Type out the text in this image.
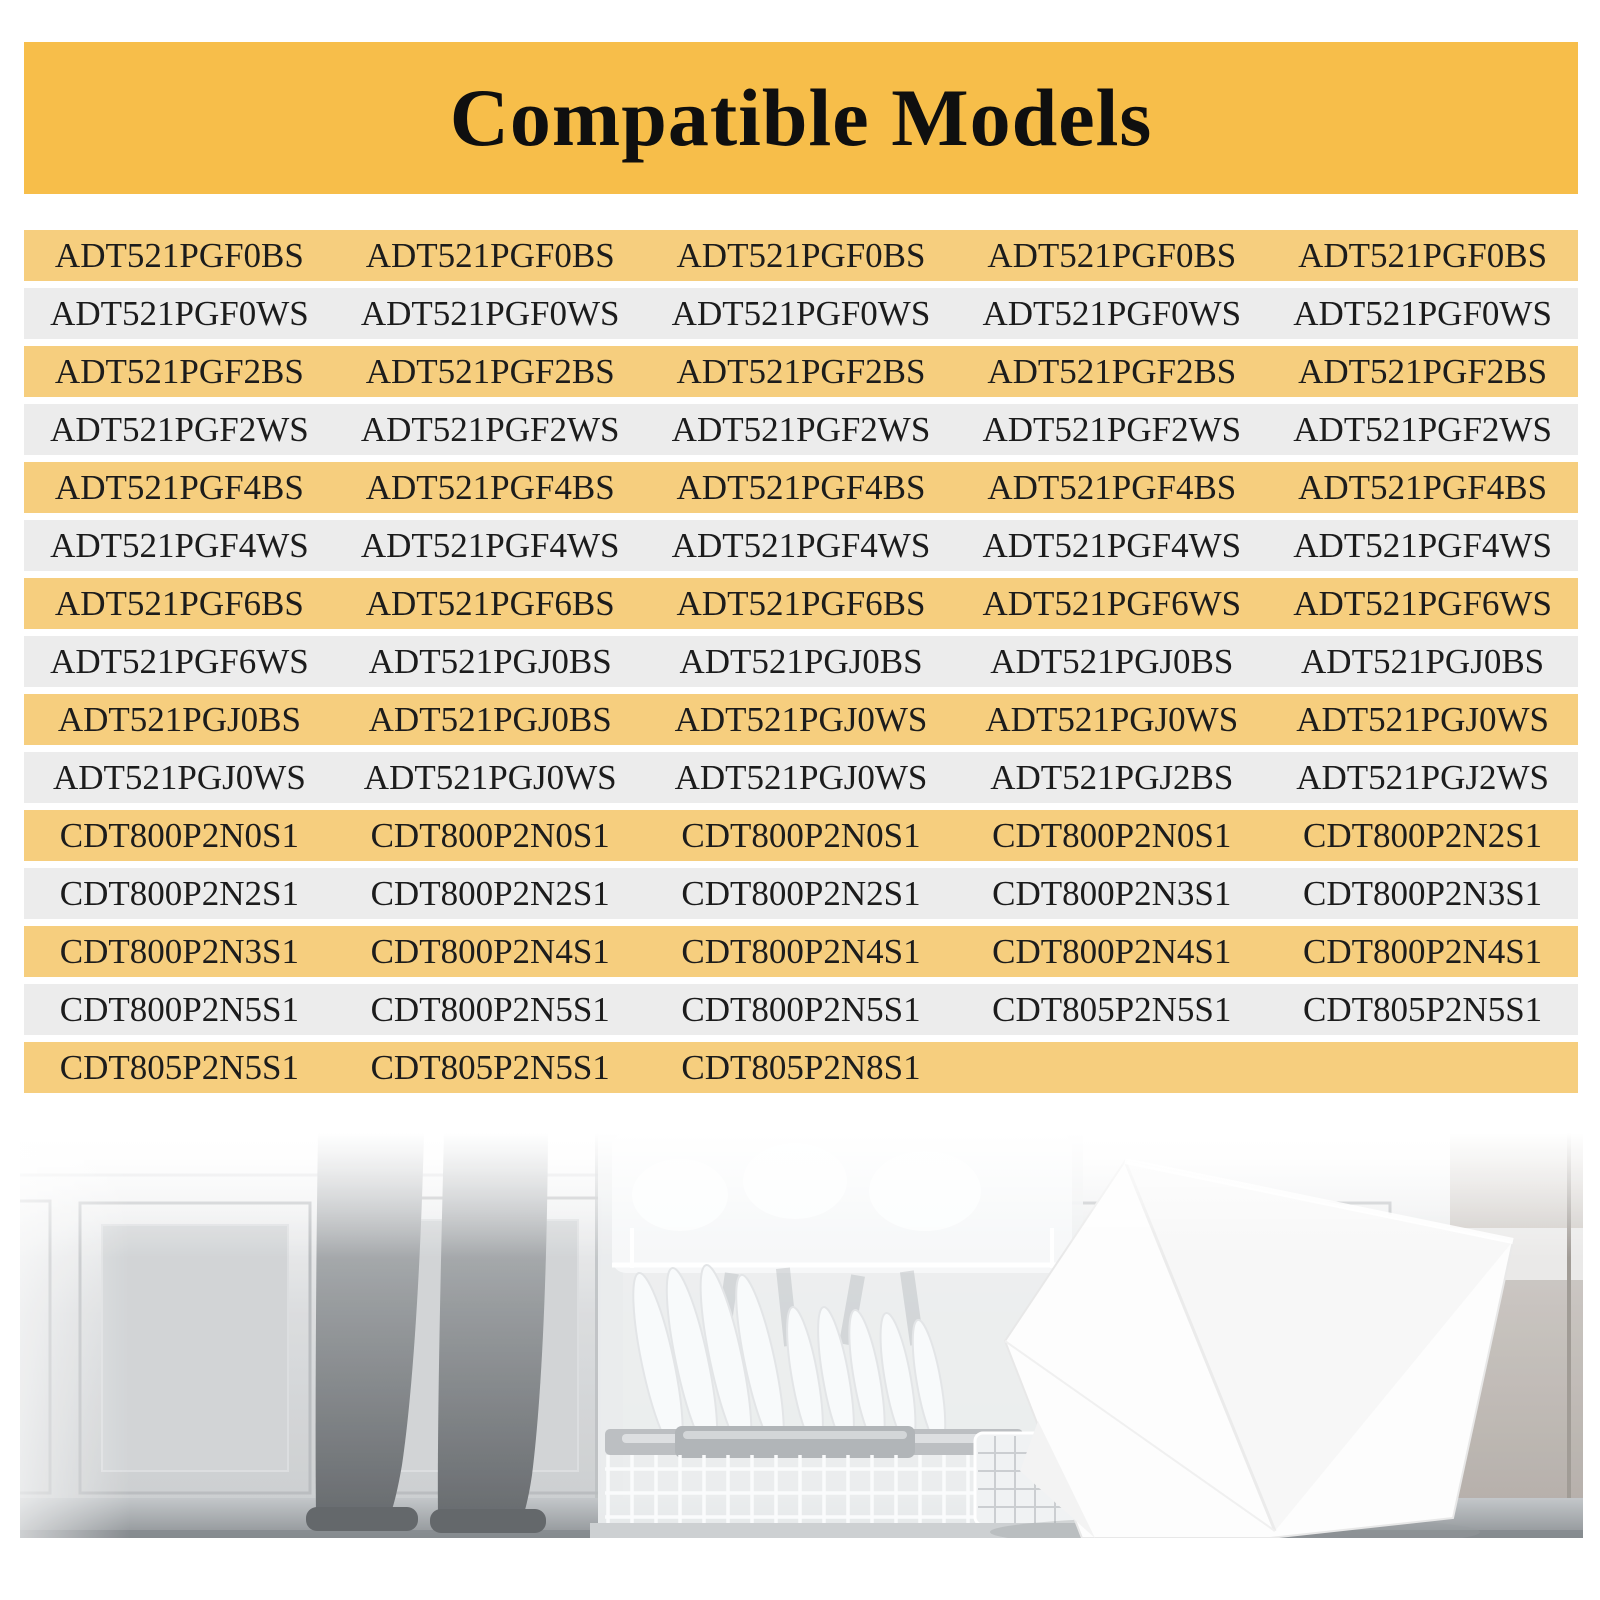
Compatible Models
ADT521PGF0BS	ADT521PGF0BS	ADT521PGF0BS	ADT521PGF0BS	ADT521PGF0BS
ADT521PGF0WS	ADT521PGF0WS	ADT521PGF0WS	ADT521PGF0WS	ADT521PGF0WS
ADT521PGF2BS	ADT521PGF2BS	ADT521PGF2BS	ADT521PGF2BS	ADT521PGF2BS
ADT521PGF2WS	ADT521PGF2WS	ADT521PGF2WS	ADT521PGF2WS	ADT521PGF2WS
ADT521PGF4BS	ADT521PGF4BS	ADT521PGF4BS	ADT521PGF4BS	ADT521PGF4BS
ADT521PGF4WS	ADT521PGF4WS	ADT521PGF4WS	ADT521PGF4WS	ADT521PGF4WS
ADT521PGF6BS	ADT521PGF6BS	ADT521PGF6BS	ADT521PGF6WS	ADT521PGF6WS
ADT521PGF6WS	ADT521PGJ0BS	ADT521PGJ0BS	ADT521PGJ0BS	ADT521PGJ0BS
ADT521PGJ0BS	ADT521PGJ0BS	ADT521PGJ0WS	ADT521PGJ0WS	ADT521PGJ0WS
ADT521PGJ0WS	ADT521PGJ0WS	ADT521PGJ0WS	ADT521PGJ2BS	ADT521PGJ2WS
CDT800P2N0S1	CDT800P2N0S1	CDT800P2N0S1	CDT800P2N0S1	CDT800P2N2S1
CDT800P2N2S1	CDT800P2N2S1	CDT800P2N2S1	CDT800P2N3S1	CDT800P2N3S1
CDT800P2N3S1	CDT800P2N4S1	CDT800P2N4S1	CDT800P2N4S1	CDT800P2N4S1
CDT800P2N5S1	CDT800P2N5S1	CDT800P2N5S1	CDT805P2N5S1	CDT805P2N5S1
CDT805P2N5S1	CDT805P2N5S1	CDT805P2N8S1
